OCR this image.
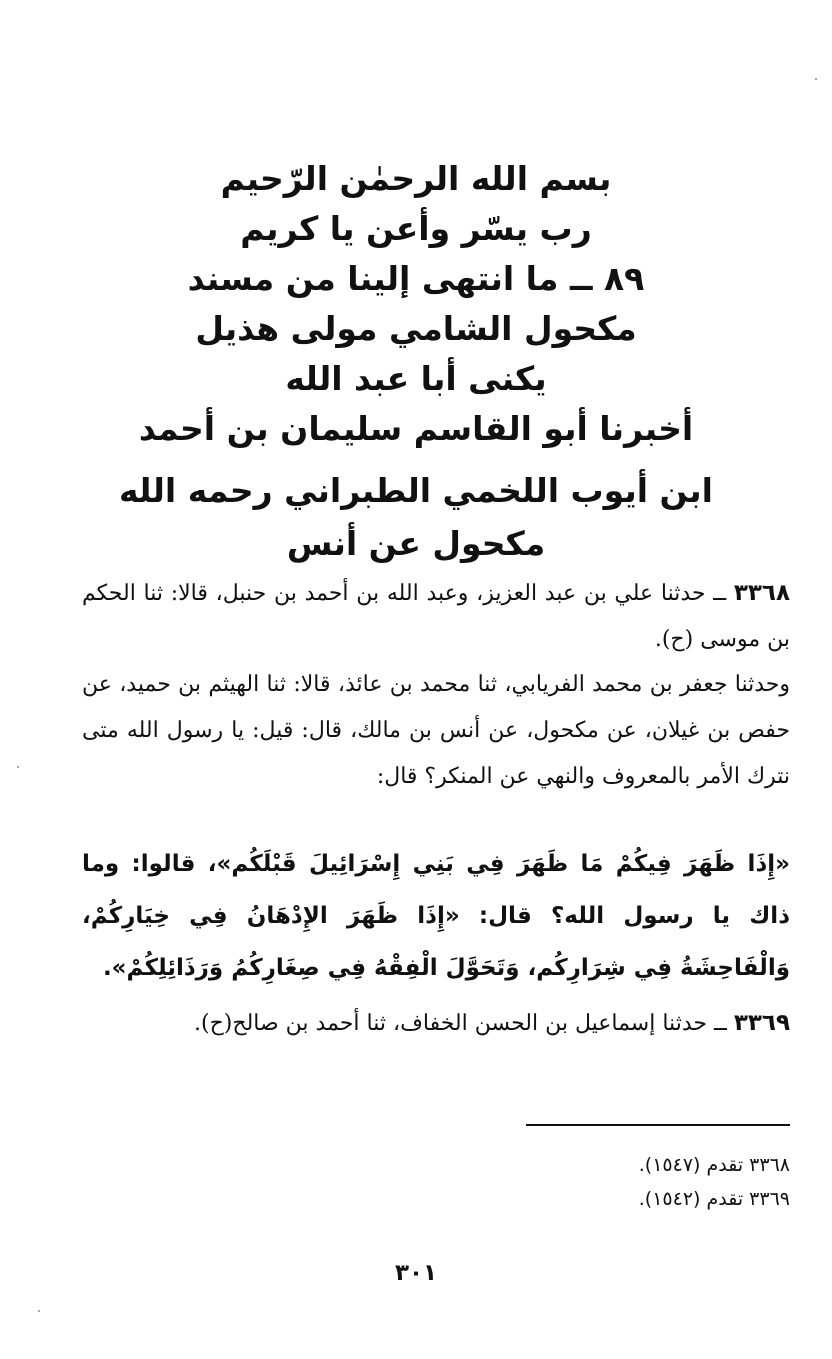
بسم الله الرحمٰن الرّحيم
رب يسّر وأعن يا كريم
٨٩ ــ ما انتهى إلينا من مسند
مكحول الشامي مولى هذيل
يكنى أبا عبد الله
أخبرنا أبو القاسم سليمان بن أحمد
ابن أيوب اللخمي الطبراني رحمه الله
مكحول عن أنس
٣٣٦٨ ــ حدثنا علي بن عبد العزيز، وعبد الله بن أحمد بن حنبل، قالا: ثنا الحكم بن موسى (ح).
وحدثنا جعفر بن محمد الفريابي، ثنا محمد بن عائذ، قالا: ثنا الهيثم بن حميد، عن حفص بن غيلان، عن مكحول، عن أنس بن مالك، قال: قيل: يا رسول الله متى نترك الأمر بالمعروف والنهي عن المنكر؟ قال:
«إِذَا ظَهَرَ فِيكُمْ مَا ظَهَرَ فِي بَنِي إِسْرَائِيلَ قَبْلَكُم»، قالوا: وما ذاك يا رسول الله؟ قال: «إِذَا ظَهَرَ الإِدْهَانُ فِي خِيَارِكُمْ، وَالْفَاحِشَةُ فِي شِرَارِكُم، وَتَحَوَّلَ الْفِقْهُ فِي صِغَارِكُمُ وَرَذَائِلِكُمْ».
٣٣٦٩ ــ حدثنا إسماعيل بن الحسن الخفاف، ثنا أحمد بن صالح(ح).
٣٣٦٨ تقدم (١٥٤٧).
٣٣٦٩ تقدم (١٥٤٢).
٣٠١
